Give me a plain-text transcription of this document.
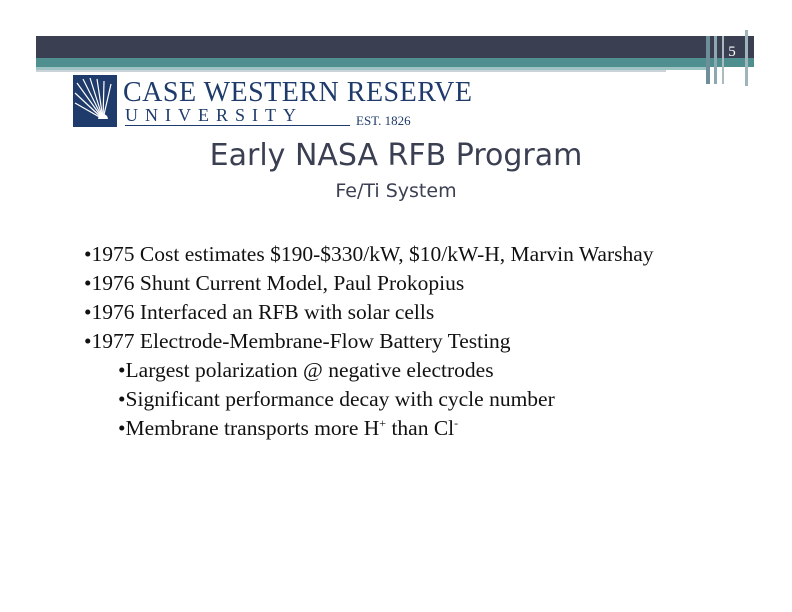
5
CASE WESTERN RESERVE
UNIVERSITY	EST. 1826
Early NASA RFB Program
Fe/Ti System

•1975 Cost estimates $190-$330/kW, $10/kW-H, Marvin Warshay

•1976 Shunt Current Model, Paul Prokopius

•1976 Interfaced an RFB with solar cells

•1977 Electrode-Membrane-Flow Battery Testing

•Largest polarization @ negative electrodes

•Significant performance decay with cycle number

•Membrane transports more H+ than Cl-
